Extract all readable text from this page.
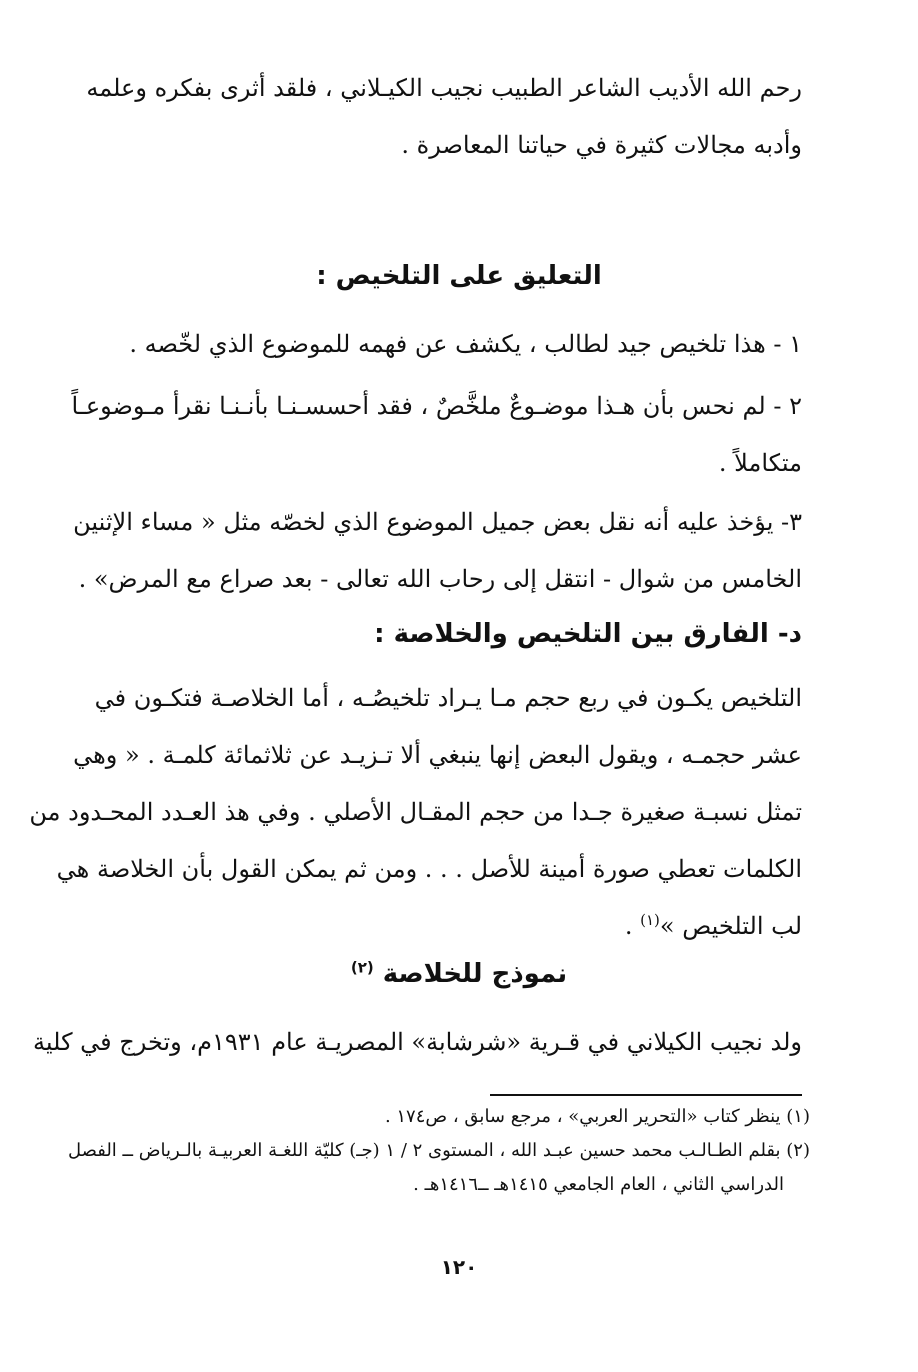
رحم الله الأديب الشاعر الطبيب نجيب الكيـلاني ، فلقد أثرى بفكره وعلمه
وأدبه مجالات كثيرة في حياتنا المعاصرة .
التعليق على التلخيص :
١ - هذا تلخيص جيد لطالب ، يكشف عن فهمه للموضوع الذي لخّصه .
٢ - لم نحس بأن هـذا موضـوعٌ ملخَّصٌ ، فقد أحسسـنـا بأنـنـا نقرأ مـوضوعـاً
متكاملاً .
٣- يؤخذ عليه أنه نقل بعض جميل الموضوع الذي لخصّه مثل « مساء الإثنين
الخامس من شوال - انتقل إلى رحاب الله تعالى - بعد صراع مع المرض» .
د- الفارق بين التلخيص والخلاصة :
التلخيص يكـون في ربع حجم مـا يـراد تلخيصُـه ، أما الخلاصـة فتكـون في
عشر حجمـه ، ويقول البعض إنها ينبغي ألا تـزيـد عن ثلاثمائة كلمـة . « وهي
تمثل نسبـة صغيرة جـدا من حجم المقـال الأصلي . وفي هذ العـدد المحـدود من
الكلمات تعطي صورة أمينة للأصل . . . ومن ثم يمكن القول بأن الخلاصة هي
لب التلخيص »$^{(١)}$ .
نموذج للخلاصة $^{(٢)}$
ولد نجيب الكيلاني في قـرية «شرشابة» المصريـة عام ١٩٣١م، وتخرج في كلية
(١) ينظر كتاب «التحرير العربي» ، مرجع سابق ، ص١٧٤ .
(٢) بقلم الطـالـب محمد حسين عبـد الله ، المستوى ٢ / ١ (جـ) كليّة اللغـة العربيـة بالـرياض ــ الفصل
الدراسي الثاني ، العام الجامعي ١٤١٥هـ ــ١٤١٦هـ .
١٢٠
